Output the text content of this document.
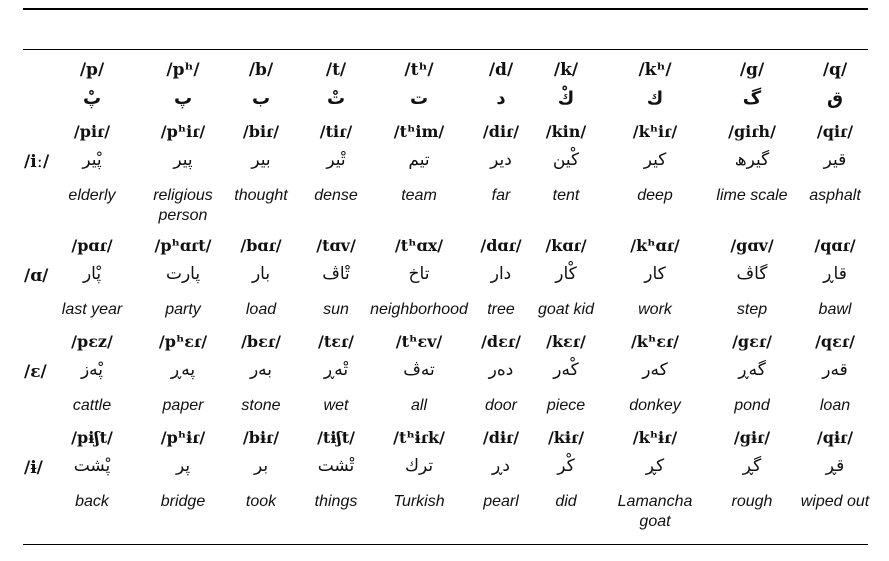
/p/
پْ
/pʰ/
پ
/b/
ب
/t/
تْ
/tʰ/
ت
/d/
د
/k/
كْ
/kʰ/
ك
/g/
گ
/q/
ق
/iː/
/piɾ/
پْیر
elderly
/pʰiɾ/
پیر
religious person
/biɾ/
بیر
thought
/tiɾ/
تْیر
dense
/tʰim/
تیم
team
/diɾ/
دیر
far
/kin/
كْین
tent
/kʰiɾ/
كیر
deep
/giɾh/
گیرھ
lime scale
/qiɾ/
قیر
asphalt
/ɑ/
/pɑɾ/
پْار
last year
/pʰɑɾt/
پارت
party
/bɑɾ/
بار
load
/tɑv/
تْاڤ
sun
/tʰɑx/
تاخ
neighborhood
/dɑɾ/
دار
tree
/kɑɾ/
كْار
goat kid
/kʰɑɾ/
كار
work
/gɑv/
گاڤ
step
/qɑɾ/
قاڕ
bawl
/ɛ/
/pɛz/
پْەز
cattle
/pʰɛɾ/
پەڕ
paper
/bɛɾ/
بەر
stone
/tɛɾ/
تْەڕ
wet
/tʰɛv/
تەڤ
all
/dɛɾ/
دەر
door
/kɛɾ/
كْەر
piece
/kʰɛɾ/
كەر
donkey
/gɛɾ/
گەڕ
pond
/qɛɾ/
قەر
loan
/ɨ/
/pɨʃt/
پْشت
back
/pʰɨɾ/
پر
bridge
/bɨɾ/
بر
took
/tɨʃt/
تْشت
things
/tʰɨɾk/
ترك
Turkish
/dɨɾ/
دڕ
pearl
/kɨɾ/
كْر
did
/kʰɨɾ/
كڕ
Lamancha goat
/gɨɾ/
گڕ
rough
/qɨɾ/
قڕ
wiped out
